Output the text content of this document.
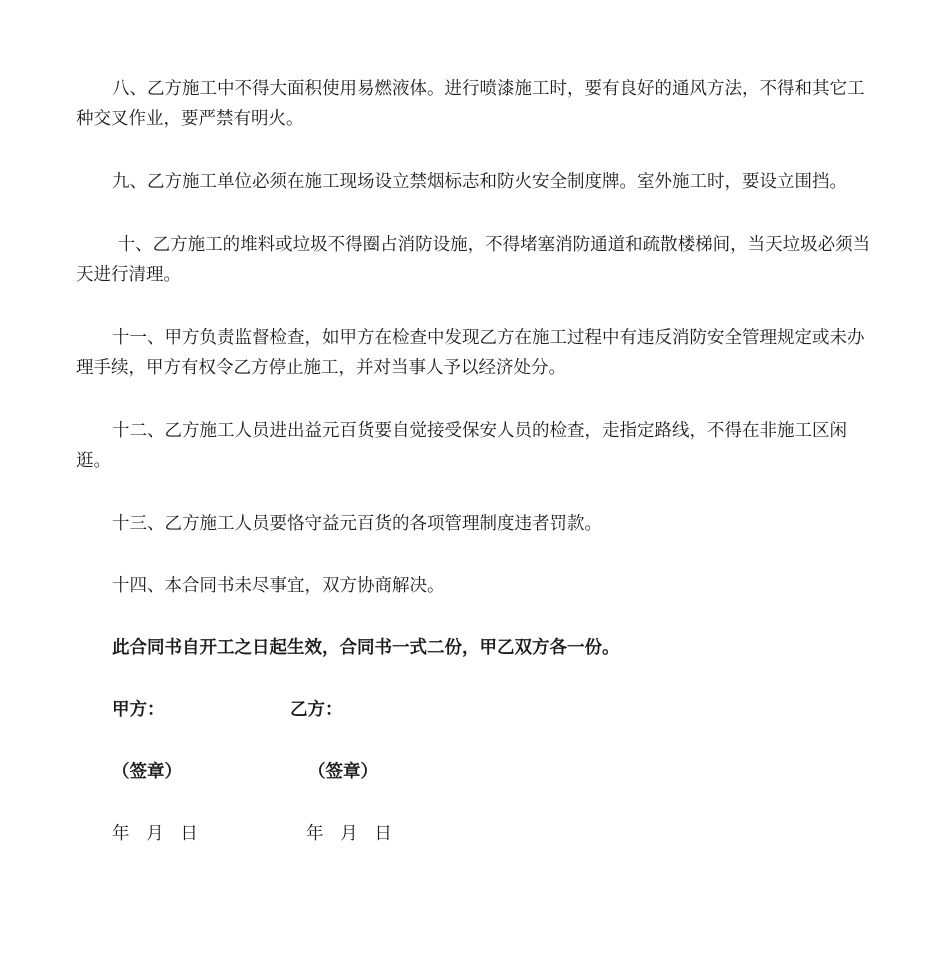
八、乙方施工中不得大面积使用易燃液体。进行喷漆施工时，要有良好的通风方法，不得和其它工种交叉作业，要严禁有明火。

九、乙方施工单位必须在施工现场设立禁烟标志和防火安全制度牌。室外施工时，要设立围挡。

十、乙方施工的堆料或垃圾不得圈占消防设施，不得堵塞消防通道和疏散楼梯间，当天垃圾必须当天进行清理。

十一、甲方负责监督检查，如甲方在检查中发现乙方在施工过程中有违反消防安全管理规定或未办理手续，甲方有权令乙方停止施工，并对当事人予以经济处分。

十二、乙方施工人员进出益元百货要自觉接受保安人员的检查，走指定路线，不得在非施工区闲逛。

十三、乙方施工人员要恪守益元百货的各项管理制度违者罚款。

十四、本合同书未尽事宜，双方协商解决。

此合同书自开工之日起生效，合同书一式二份，甲乙双方各一份。

甲方：	乙方：
（签章）	（签章）
年   月   日	年   月   日
